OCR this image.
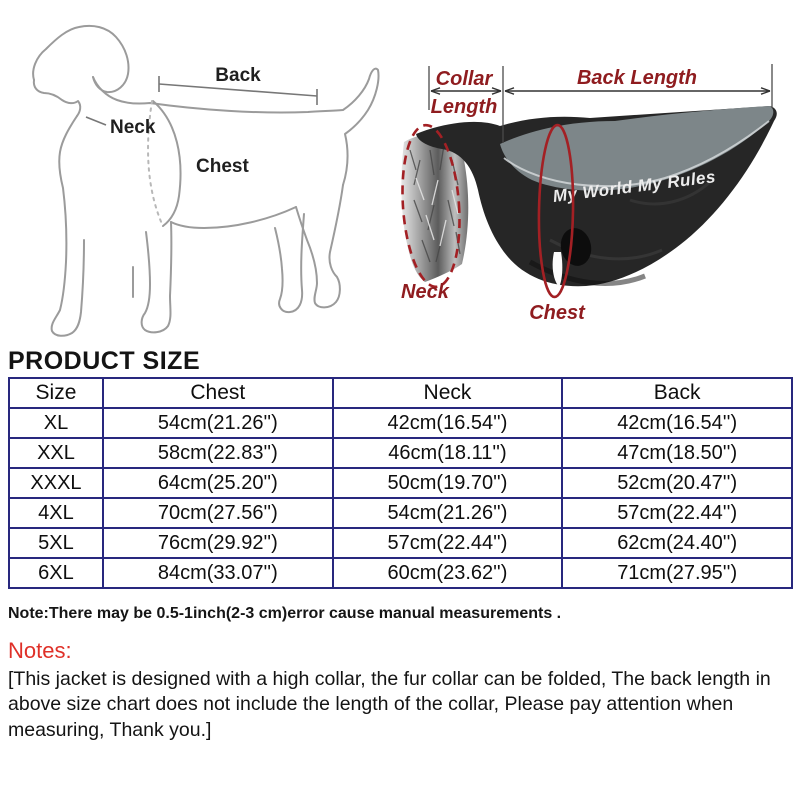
Back
Neck
Chest
My World My Rules
Collar
Length
Back Length
Neck
Chest
PRODUCT SIZE
Size	Chest	Neck	Back
XL	54cm(21.26'')	42cm(16.54'')	42cm(16.54'')
XXL	58cm(22.83'')	46cm(18.11'')	47cm(18.50'')
XXXL	64cm(25.20'')	50cm(19.70'')	52cm(20.47'')
4XL	70cm(27.56'')	54cm(21.26'')	57cm(22.44'')
5XL	76cm(29.92'')	57cm(22.44'')	62cm(24.40'')
6XL	84cm(33.07'')	60cm(23.62'')	71cm(27.95'')
Note:There may be 0.5-1inch(2-3 cm)error cause manual measurements .
Notes:
[This jacket is designed with a high collar, the fur collar can be folded, The back length in above size chart does not include the length of the collar, Please pay attention when measuring, Thank you.]
